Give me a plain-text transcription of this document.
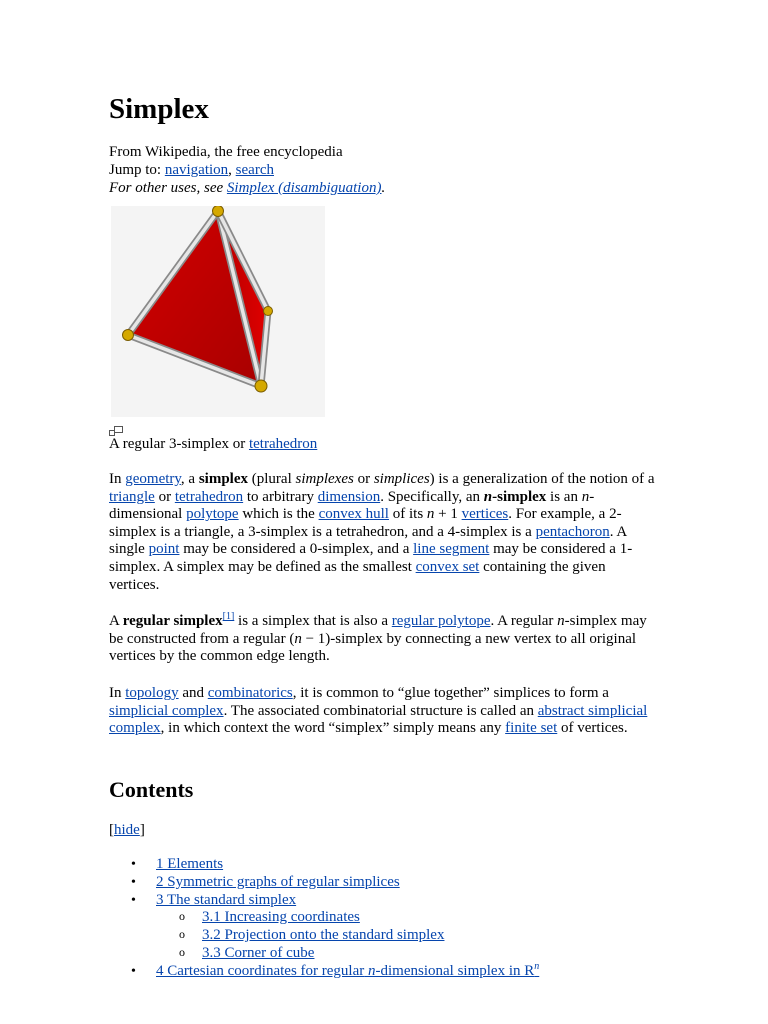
Simplex
From Wikipedia, the free encyclopedia
Jump to: navigation, search
For other uses, see Simplex (disambiguation).
A regular 3-simplex or tetrahedron

In geometry, a simplex (plural simplexes or simplices) is a generalization of the notion of a triangle or tetrahedron to arbitrary dimension. Specifically, an n-simplex is an n-dimensional polytope which is the convex hull of its n + 1 vertices. For example, a 2-simplex is a triangle, a 3-simplex is a tetrahedron, and a 4-simplex is a pentachoron. A single point may be considered a 0-simplex, and a line segment may be considered a 1-simplex. A simplex may be defined as the smallest convex set containing the given vertices.

A regular simplex[1] is a simplex that is also a regular polytope. A regular n-simplex may be constructed from a regular (n − 1)-simplex by connecting a new vertex to all original vertices by the common edge length.

In topology and combinatorics, it is common to “glue together” simplices to form a simplicial complex. The associated combinatorial structure is called an abstract simplicial complex, in which context the word “simplex” simply means any finite set of vertices.

Contents
[hide]
• 1 Elements
• 2 Symmetric graphs of regular simplices
• 3 The standard simplex
o 3.1 Increasing coordinates
o 3.2 Projection onto the standard simplex
o 3.3 Corner of cube
• 4 Cartesian coordinates for regular n-dimensional simplex in R$^n$
